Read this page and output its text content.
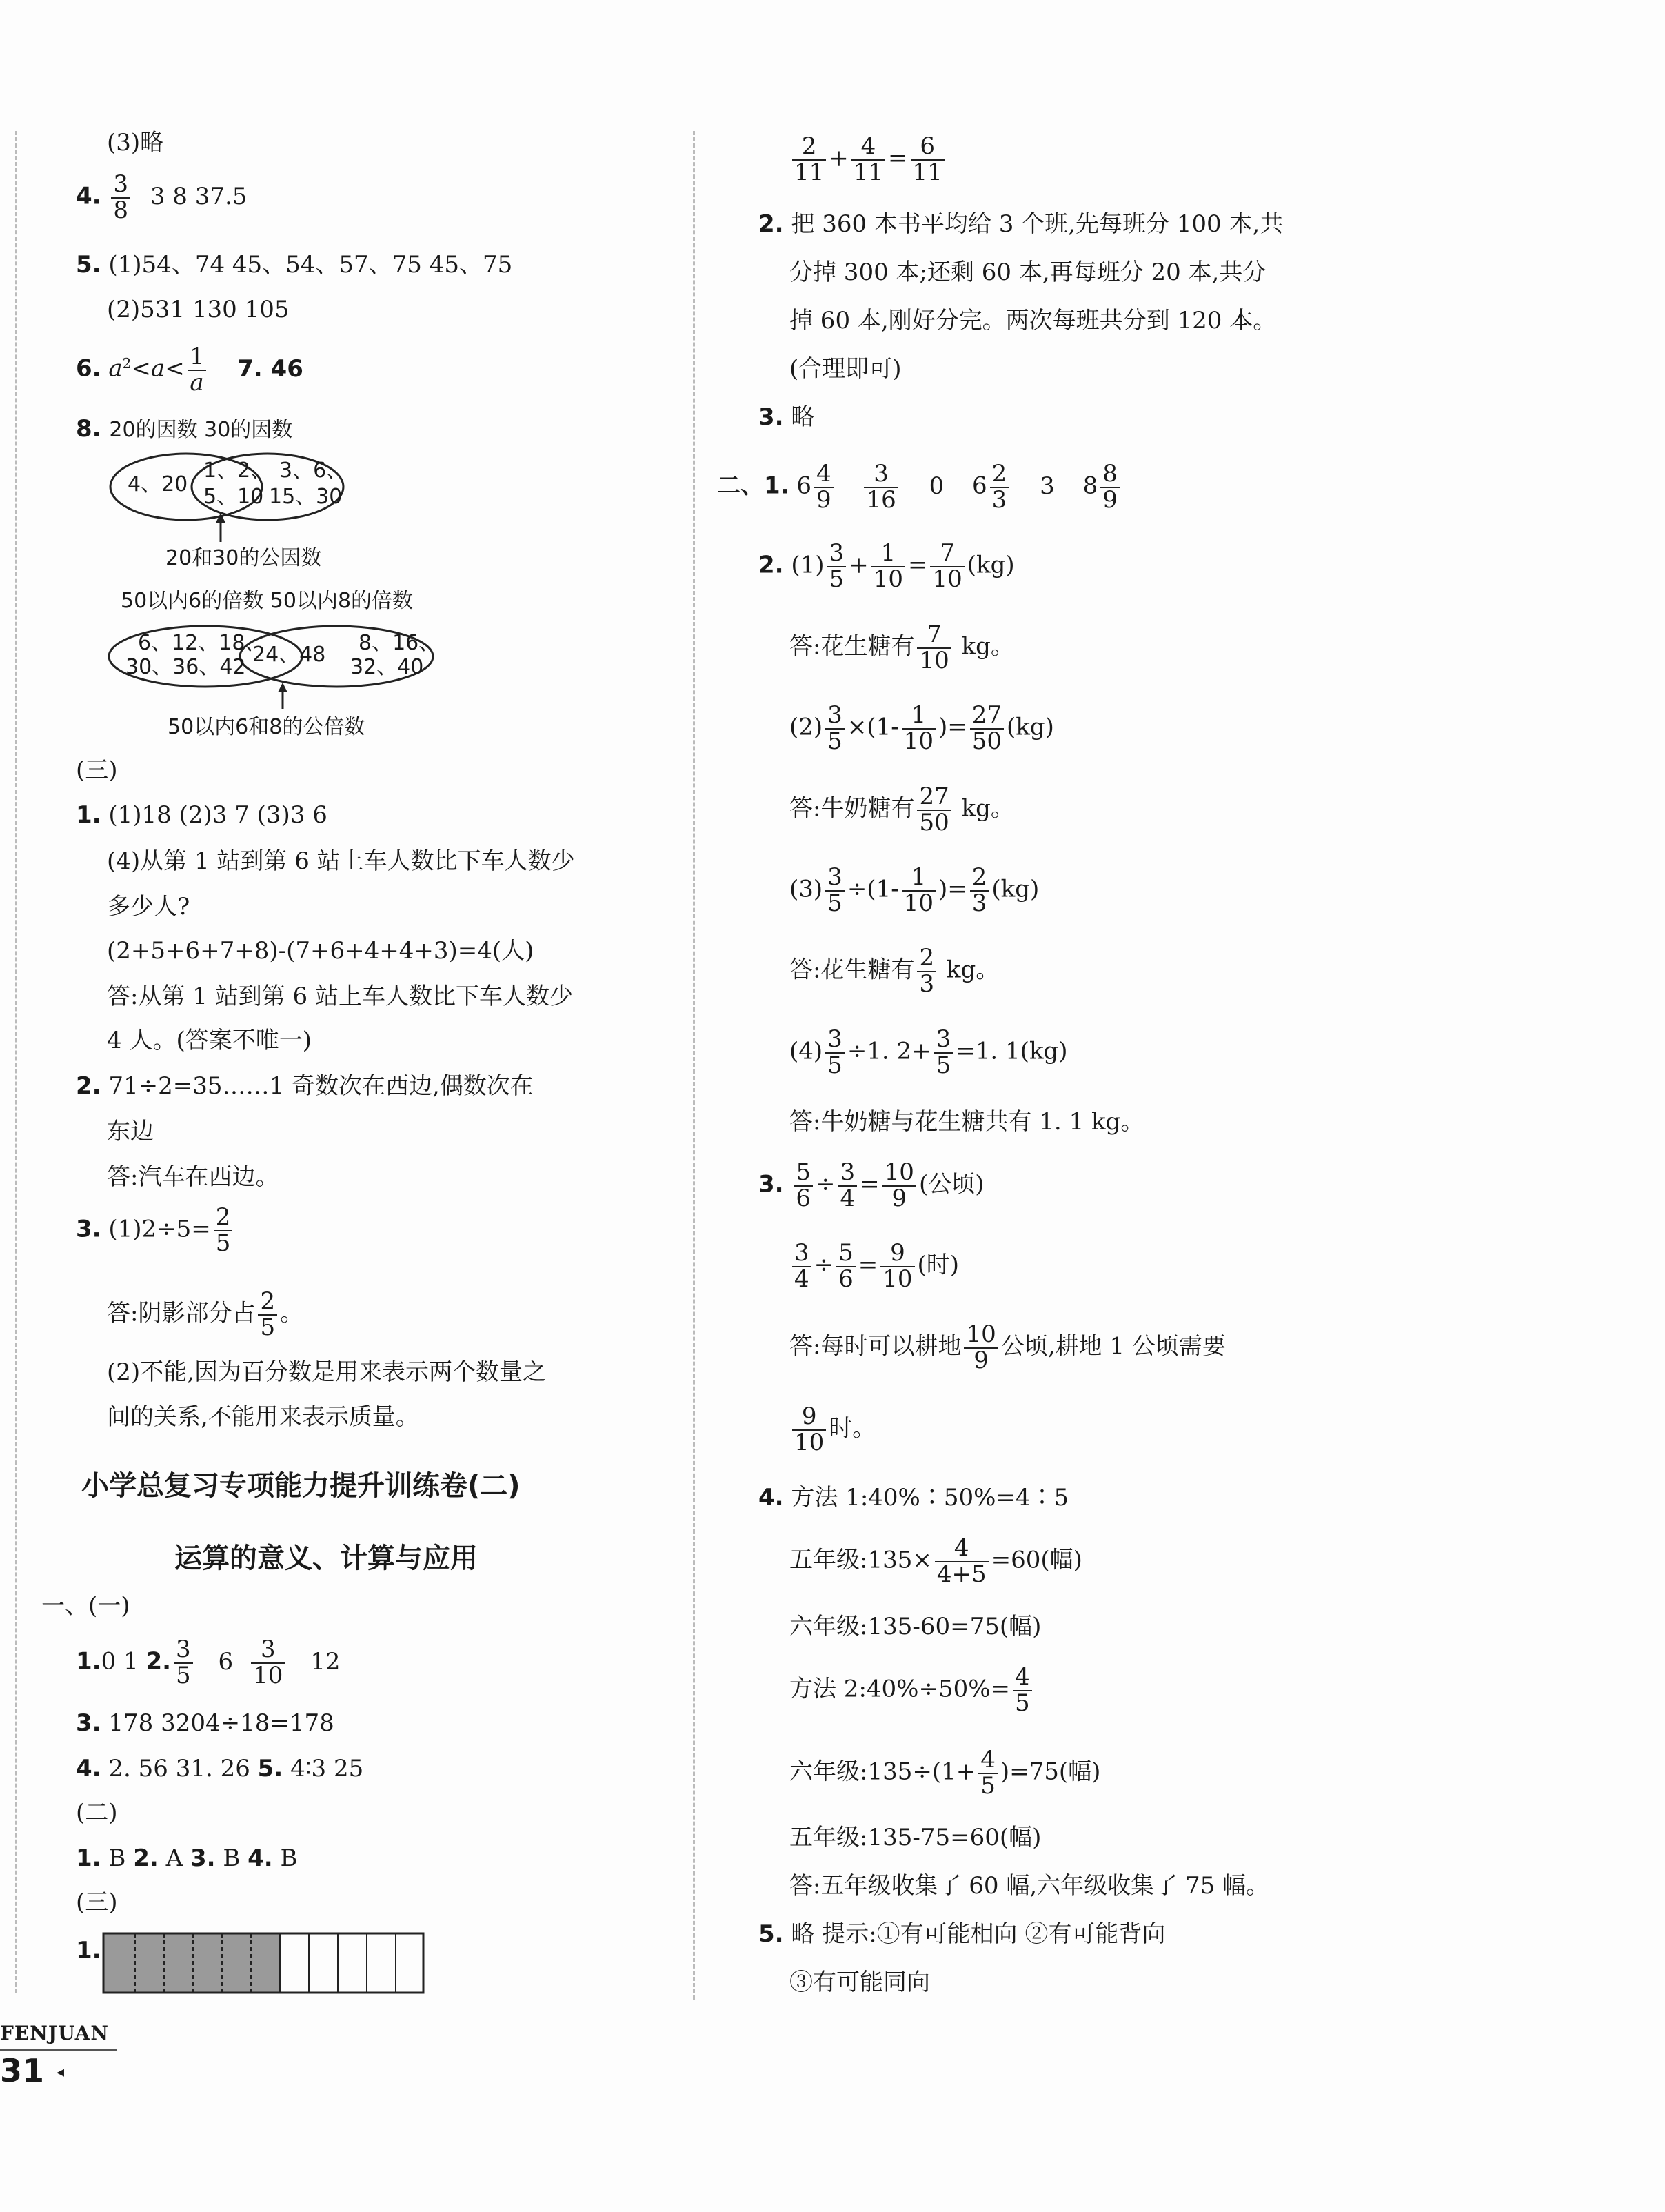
(3)略
4. $\frac{3}{8} 3$ 8 37.5
5. (1)54、74 45、54、57、75 45、75
(2)531 130 105
6. $a^2<a< \frac{1}{a} 7$. 46
8. 20的因数 30的因数
4、20
1、2、
5、10
3、6、
15、30
20和30的公因数
50以内6的倍数 50以内8的倍数
6、12、18、
30、36、42
24、48 8、16、
32、40
50以内6和8的公倍数
(三)
1. (1)18 (2)3 7 (3)3 6
(4)从第 1 站到第 6 站上车人数比下车人数少
多少人?
(2+5+6+7+8)-(7+6+4+4+3)=4(人)
答:从第 1 站到第 6 站上车人数比下车人数少
4 人。(答案不唯一)
2. 71÷2=35……1 奇数次在西边,偶数次在
东边
答:汽车在西边。
3. $(1)2\div 5= \frac{2}{5}$
答:阴影部分占 $\frac{2}{5}$ 。
(2)不能,因为百分数是用来表示两个数量之
间的关系,不能用来表示质量。
小学总复习专项能力提升训练卷(二)
运算的意义、计算与应用
一、(一)
1.0 1 2. $\frac{3}{5} 6 \frac{3}{10} 12$
3. 178 3204÷18=178
4. 2. 56 31. 26 5. 4∶3 25
(二)
1. B 2. A 3. B 4. B
(三)
1.
FENJUAN
31 ◂
$\frac{2}{11} + \frac{4}{11} = \frac{6}{11}$
2. 把 360 本书平均给 3 个班,先每班分 100 本,共
分掉 300 本;还剩 60 本,再每班分 20 本,共分
掉 60 本,刚好分完。两次每班共分到 120 本。
(合理即可)
3. 略
二、1. $6 \frac{4}{9}$
$\frac{3}{16} 0$ $6 \frac{2}{3} 3$ $8 \frac{8}{9}$
2. $(1) \frac{3}{5} + \frac{1}{10} = \frac{7}{10} (kg)$
答:花生糖有 $\frac{7}{10}$ kg。
$(2) \frac{3}{5} \times(1- \frac{1}{10}$ )= $\frac{27}{50} (kg)$
答:牛奶糖有 $\frac{27}{50}$ kg。
$(3) \frac{3}{5} \div(1- \frac{1}{10}$ )= $\frac{2}{3} (kg)$
答:花生糖有 $\frac{2}{3}$ kg。
$(4) \frac{3}{5} \div 1$. $2+ \frac{3}{5} =1$. 1(kg)
答:牛奶糖与花生糖共有 1. 1 kg。
3. $\frac{5}{6} \div \frac{3}{4} = \frac{10}{9}$ (公顷)
$\frac{3}{4} \div \frac{5}{6} = \frac{9}{10}$ (时)
答:每时可以耕地 $\frac{10}{9}$ 公顷,耕地 1 公顷需要
$\frac{9}{10}$ 时。
4. 方法 1:40%∶50%=4∶5
五年级:135× $\frac{4}{4+5} =60$(幅)
六年级:135-60=75(幅)
方法 2:40%÷50%= $\frac{4}{5}$
六年级:135÷(1+ $\frac{4}{5} )=75$(幅)
五年级:135-75=60(幅)
答:五年级收集了 60 幅,六年级收集了 75 幅。
5. 略 提示:①有可能相向 ②有可能背向
③有可能同向
